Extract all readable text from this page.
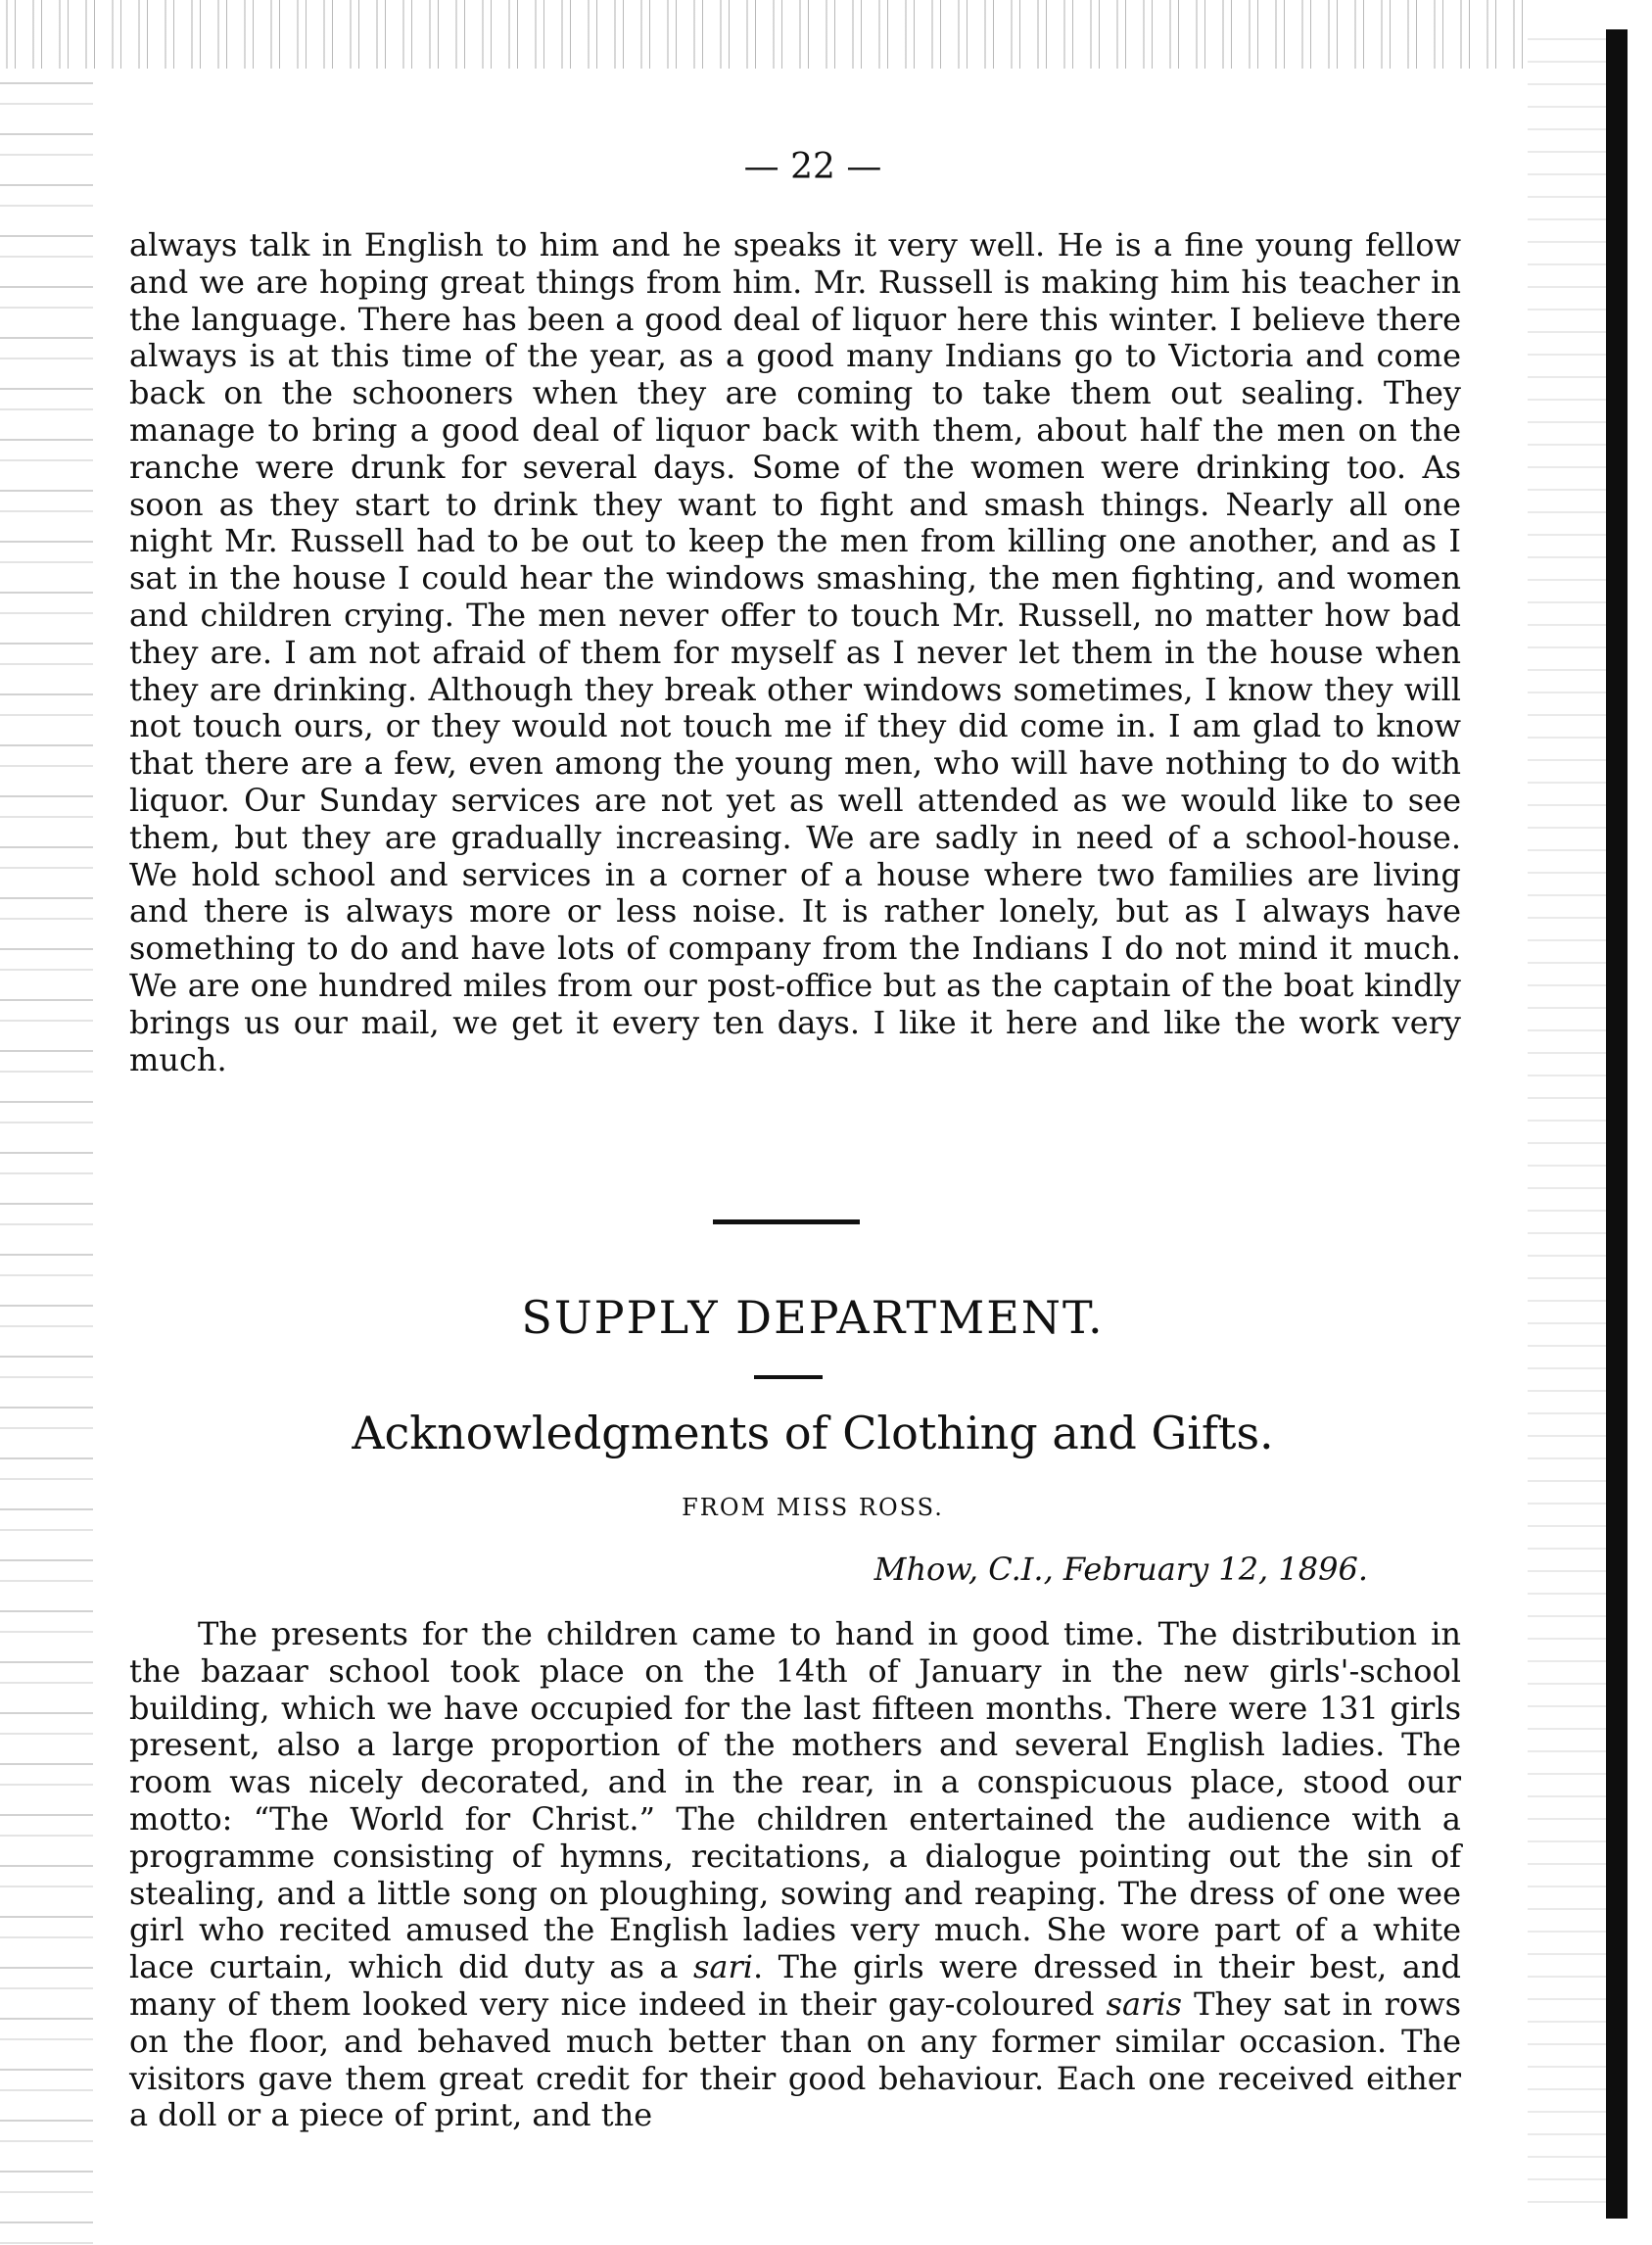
— 22 —

always talk in English to him and he speaks it very well. He is a fine young fellow and we are hoping great things from him. Mr. Russell is making him his teacher in the language. There has been a good deal of liquor here this winter. I believe there always is at this time of the year, as a good many Indians go to Victoria and come back on the schooners when they are coming to take them out sealing. They manage to bring a good deal of liquor back with them, about half the men on the ranche were drunk for several days. Some of the women were drinking too. As soon as they start to drink they want to fight and smash things. Nearly all one night Mr. Russell had to be out to keep the men from killing one another, and as I sat in the house I could hear the windows smashing, the men fighting, and women and children crying. The men never offer to touch Mr. Russell, no matter how bad they are. I am not afraid of them for myself as I never let them in the house when they are drinking. Although they break other windows sometimes, I know they will not touch ours, or they would not touch me if they did come in. I am glad to know that there are a few, even among the young men, who will have nothing to do with liquor. Our Sunday services are not yet as well attended as we would like to see them, but they are gradually increasing. We are sadly in need of a school-house. We hold school and services in a corner of a house where two families are living and there is always more or less noise. It is rather lonely, but as I always have something to do and have lots of company from the Indians I do not mind it much. We are one hundred miles from our post-office but as the captain of the boat kindly brings us our mail, we get it every ten days. I like it here and like the work very much.

SUPPLY DEPARTMENT.
Acknowledgments of Clothing and Gifts.
FROM MISS ROSS.
Mhow, C.I., February 12, 1896.

The presents for the children came to hand in good time. The distribution in the bazaar school took place on the 14th of January in the new girls'-school building, which we have occupied for the last fifteen months. There were 131 girls present, also a large proportion of the mothers and several English ladies. The room was nicely decorated, and in the rear, in a conspicuous place, stood our motto: “The World for Christ.” The children entertained the audience with a programme consisting of hymns, recitations, a dialogue pointing out the sin of stealing, and a little song on ploughing, sowing and reaping. The dress of one wee girl who recited amused the English ladies very much. She wore part of a white lace curtain, which did duty as a sari. The girls were dressed in their best, and many of them looked very nice indeed in their gay-coloured saris They sat in rows on the floor, and behaved much better than on any former similar occasion. The visitors gave them great credit for their good behaviour. Each one received either a doll or a piece of print, and the
